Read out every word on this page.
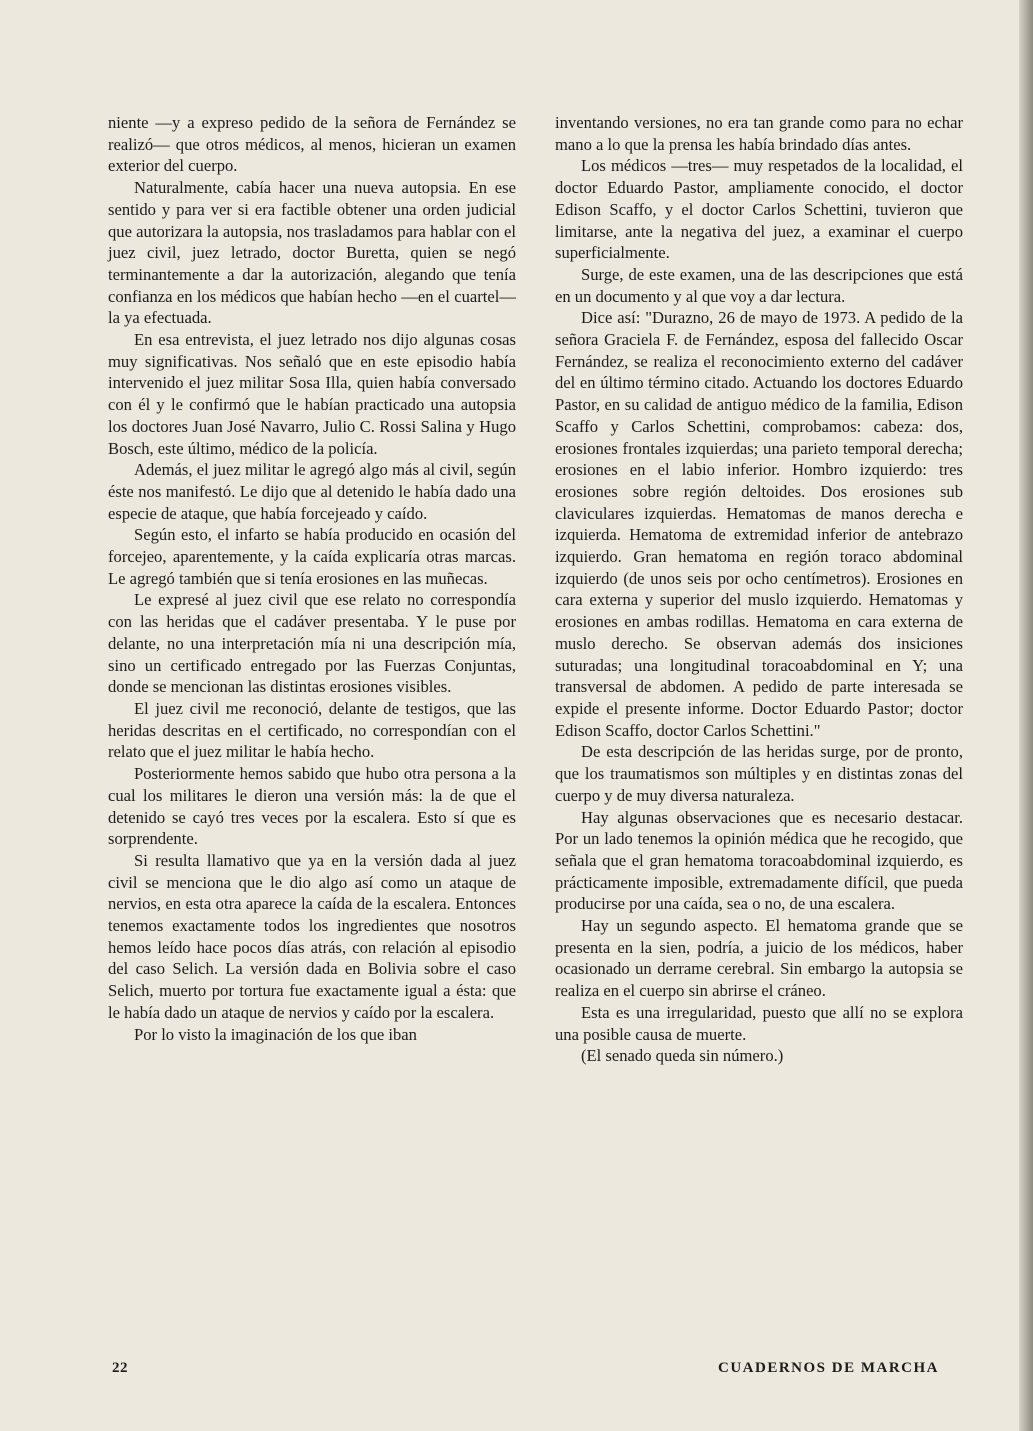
niente —y a expreso pedido de la señora de Fernández se realizó— que otros médicos, al menos, hicieran un examen exterior del cuerpo.

Naturalmente, cabía hacer una nueva autopsia. En ese sentido y para ver si era factible obtener una orden judicial que autorizara la autopsia, nos trasladamos para hablar con el juez civil, juez letrado, doctor Buretta, quien se negó terminantemente a dar la autorización, alegando que tenía confianza en los médicos que habían hecho —en el cuartel— la ya efectuada.

En esa entrevista, el juez letrado nos dijo algunas cosas muy significativas. Nos señaló que en este episodio había intervenido el juez militar Sosa Illa, quien había conversado con él y le confirmó que le habían practicado una autopsia los doctores Juan José Navarro, Julio C. Rossi Salina y Hugo Bosch, este último, médico de la policía.

Además, el juez militar le agregó algo más al civil, según éste nos manifestó. Le dijo que al detenido le había dado una especie de ataque, que había forcejeado y caído.

Según esto, el infarto se había producido en ocasión del forcejeo, aparentemente, y la caída explicaría otras marcas. Le agregó también que si tenía erosiones en las muñecas.

Le expresé al juez civil que ese relato no correspondía con las heridas que el cadáver presentaba. Y le puse por delante, no una interpretación mía ni una descripción mía, sino un certificado entregado por las Fuerzas Conjuntas, donde se mencionan las distintas erosiones visibles.

El juez civil me reconoció, delante de testigos, que las heridas descritas en el certificado, no correspondían con el relato que el juez militar le había hecho.

Posteriormente hemos sabido que hubo otra persona a la cual los militares le dieron una versión más: la de que el detenido se cayó tres veces por la escalera. Esto sí que es sorprendente.

Si resulta llamativo que ya en la versión dada al juez civil se menciona que le dio algo así como un ataque de nervios, en esta otra aparece la caída de la escalera. Entonces tenemos exactamente todos los ingredientes que nosotros hemos leído hace pocos días atrás, con relación al episodio del caso Selich. La versión dada en Bolivia sobre el caso Selich, muerto por tortura fue exactamente igual a ésta: que le había dado un ataque de nervios y caído por la escalera.

Por lo visto la imaginación de los que iban

inventando versiones, no era tan grande como para no echar mano a lo que la prensa les había brindado días antes.

Los médicos —tres— muy respetados de la localidad, el doctor Eduardo Pastor, ampliamente conocido, el doctor Edison Scaffo, y el doctor Carlos Schettini, tuvieron que limitarse, ante la negativa del juez, a examinar el cuerpo superficialmente.

Surge, de este examen, una de las descripciones que está en un documento y al que voy a dar lectura.

Dice así: "Durazno, 26 de mayo de 1973. A pedido de la señora Graciela F. de Fernández, esposa del fallecido Oscar Fernández, se realiza el reconocimiento externo del cadáver del en último término citado. Actuando los doctores Eduardo Pastor, en su calidad de antiguo médico de la familia, Edison Scaffo y Carlos Schettini, comprobamos: cabeza: dos, erosiones frontales izquierdas; una parieto temporal derecha; erosiones en el labio inferior. Hombro izquierdo: tres erosiones sobre región deltoides. Dos erosiones sub claviculares izquierdas. Hematomas de manos derecha e izquierda. Hematoma de extremidad inferior de antebrazo izquierdo. Gran hematoma en región toraco abdominal izquierdo (de unos seis por ocho centímetros). Erosiones en cara externa y superior del muslo izquierdo. Hematomas y erosiones en ambas rodillas. Hematoma en cara externa de muslo derecho. Se observan además dos insiciones suturadas; una longitudinal toracoabdominal en Y; una transversal de abdomen. A pedido de parte interesada se expide el presente informe. Doctor Eduardo Pastor; doctor Edison Scaffo, doctor Carlos Schettini."

De esta descripción de las heridas surge, por de pronto, que los traumatismos son múltiples y en distintas zonas del cuerpo y de muy diversa naturaleza.

Hay algunas observaciones que es necesario destacar. Por un lado tenemos la opinión médica que he recogido, que señala que el gran hematoma toracoabdominal izquierdo, es prácticamente imposible, extremadamente difícil, que pueda producirse por una caída, sea o no, de una escalera.

Hay un segundo aspecto. El hematoma grande que se presenta en la sien, podría, a juicio de los médicos, haber ocasionado un derrame cerebral. Sin embargo la autopsia se realiza en el cuerpo sin abrirse el cráneo.

Esta es una irregularidad, puesto que allí no se explora una posible causa de muerte.

(El senado queda sin número.)

22	CUADERNOS DE MARCHA
